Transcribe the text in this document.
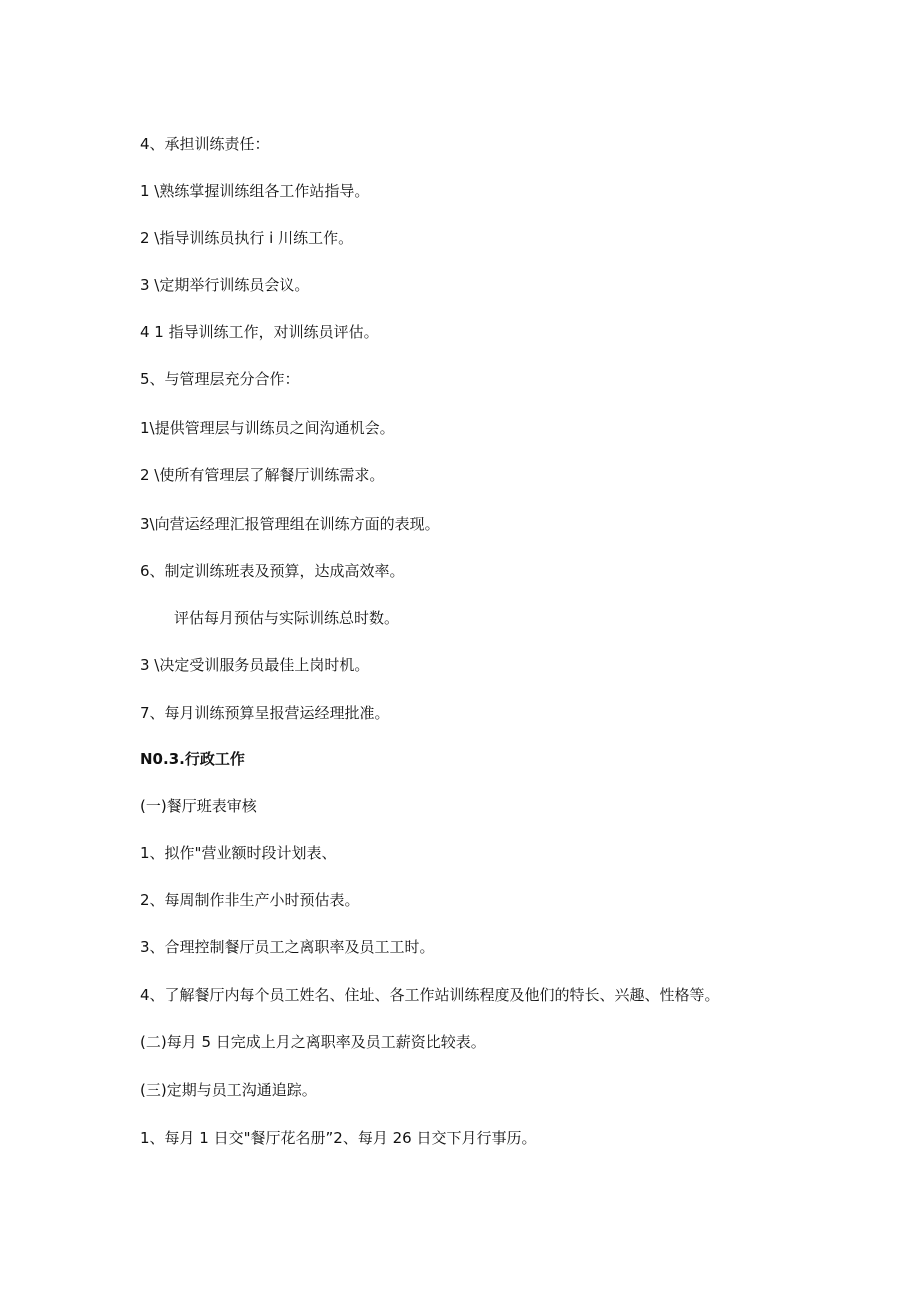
4、承担训练责任：
1 \熟练掌握训练组各工作站指导。
2 \指导训练员执行 i 川练工作。
3 \定期举行训练员会议。
4 1 指导训练工作，对训练员评估。
5、与管理层充分合作：
1\提供管理层与训练员之间沟通机会。
2 \使所有管理层了解餐厅训练需求。
3\向营运经理汇报管理组在训练方面的表现。
6、制定训练班表及预算，达成高效率。
评估每月预估与实际训练总时数。
3 \决定受训服务员最佳上岗时机。
7、每月训练预算呈报营运经理批准。
N0.3.行政工作
(一)餐厅班表审核
1、拟作"营业额时段计划表、
2、每周制作非生产小时预估表。
3、合理控制餐厅员工之离职率及员工工时。
4、了解餐厅内每个员工姓名、住址、各工作站训练程度及他们的特长、兴趣、性格等。
(二)每月 5 日完成上月之离职率及员工薪资比较表。
(三)定期与员工沟通追踪。
1、每月 1 日交"餐厅花名册”2、每月 26 日交下月行事历。
